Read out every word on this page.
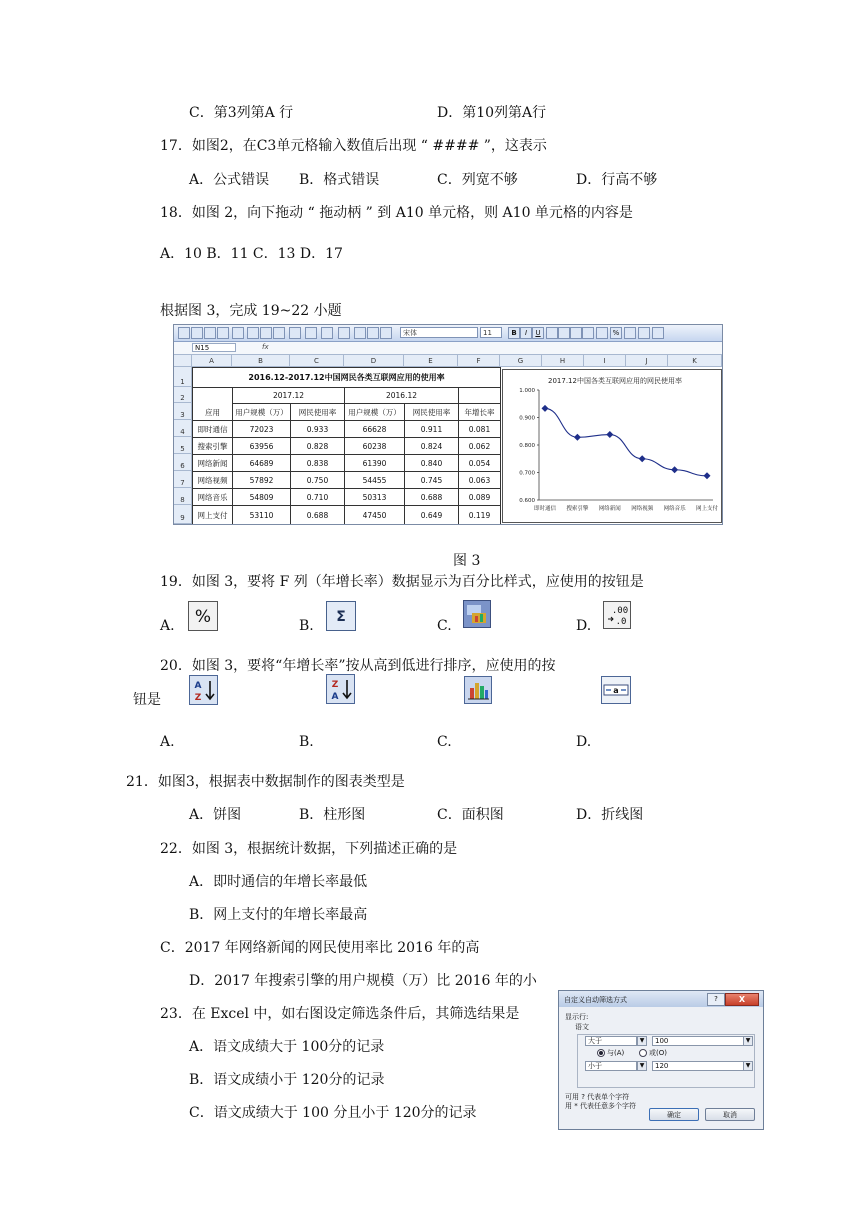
C．第3列第A 行	D．第10列第A行
17．如图2，在C3单元格输入数值后出现 “ #### ”，这表示
A．公式错误 B．格式错误	C．列宽不够	D．行高不够
18．如图 2，向下拖动 “ 拖动柄 ” 到 A10 单元格，则 A10 单元格的内容是
A．10 B．11 C．13 D．17
根据图 3，完成 19~22 小题
宋体	11	B	I	U	%
N15	fx
A	B	C	D	E	F	G	H	I	J	K
1
2
3
4
5
6
7
8
9
2016.12-2017.12中国网民各类互联网应用的使用率
2017.12	2016.12
应用	用户规模（万）	网民使用率	用户规模（万）	网民使用率	年增长率
即时通信	72023	0.933	66628	0.911	0.081
搜索引擎	63956	0.828	60238	0.824	0.062
网络新闻	64689	0.838	61390	0.840	0.054
网络视频	57892	0.750	54455	0.745	0.063
网络音乐	54809	0.710	50313	0.688	0.089
网上支付	53110	0.688	47450	0.649	0.119
2017.12中国各类互联网应用的网民使用率
0.600
0.700
0.800
0.900
1.000
即时通信 搜索引擎 网络新闻 网络视频 网络音乐 网上支付
图 3
19．如图 3，要将 F 列（年增长率）数据显示为百分比样式，应使用的按钮是
A.	B.	C.	D.
%	Σ	.00
.0
20．如图 3，要将“年增长率”按从高到低进行排序，应使用的按
钮是
A
Z
Z
A
a
A.	B.	C.	D.
21．如图3，根据表中数据制作的图表类型是
A．饼图	B．柱形图	C．面积图	D．折线图
22．如图 3，根据统计数据，下列描述正确的是
A．即时通信的年增长率最低
B．网上支付的年增长率最高
C．2017 年网络新闻的网民使用率比 2016 年的高
D．2017 年搜索引擎的用户规模（万）比 2016 年的小
23．在 Excel 中，如右图设定筛选条件后，其筛选结果是
A．语文成绩大于 100分的记录
B．语文成绩小于 120分的记录
C．语文成绩大于 100 分且小于 120分的记录
自定义自动筛选方式	?	X
显示行:
语文
大于	▼	100	▼
与(A)	或(O)
小于	▼	120	▼
可用 ? 代表单个字符
用 * 代表任意多个字符
确定	取消
